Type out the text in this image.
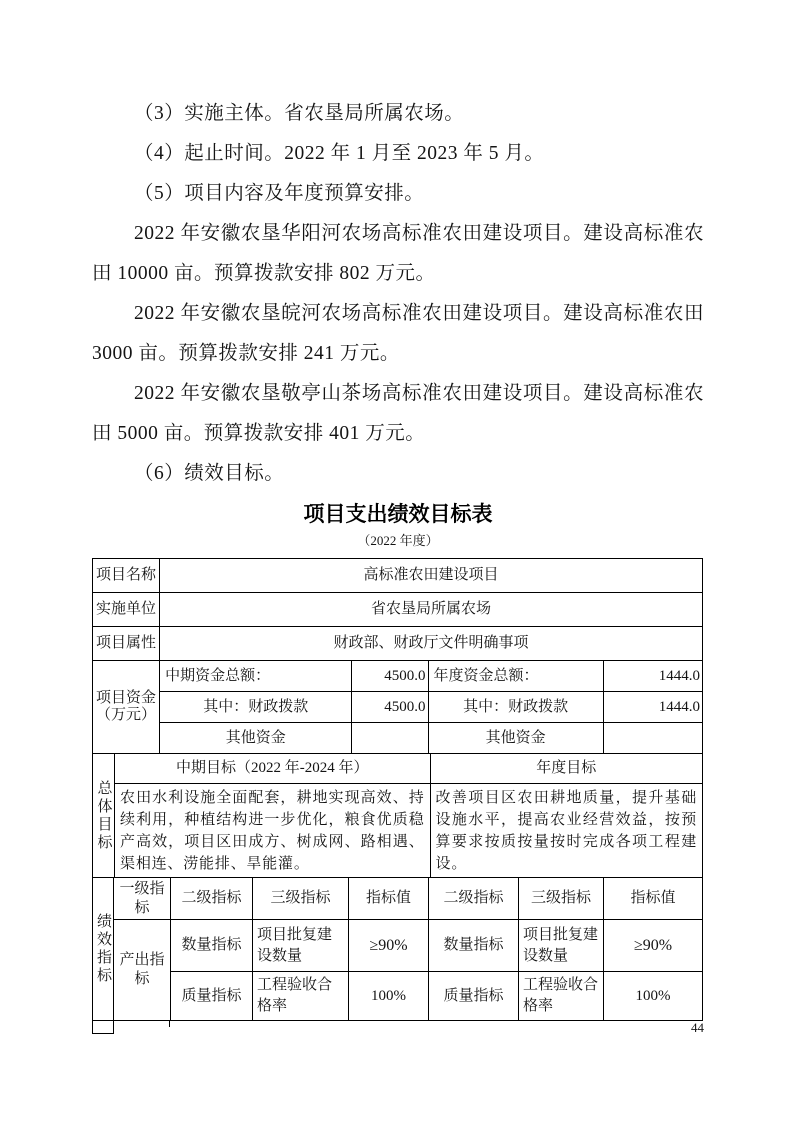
（3）实施主体。省农垦局所属农场。

（4）起止时间。2022 年 1 月至 2023 年 5 月。

（5）项目内容及年度预算安排。

2022 年安徽农垦华阳河农场高标准农田建设项目。建设高标准农田 10000 亩。预算拨款安排 802 万元。

2022 年安徽农垦皖河农场高标准农田建设项目。建设高标准农田 3000 亩。预算拨款安排 241 万元。

2022 年安徽农垦敬亭山茶场高标准农田建设项目。建设高标准农田 5000 亩。预算拨款安排 401 万元。

（6）绩效目标。

项目支出绩效目标表
（2022 年度）
项目名称	高标准农田建设项目
实施单位	省农垦局所属农场
项目属性	财政部、财政厅文件明确事项
项目资金（万元）	中期资金总额：	4500.0	年度资金总额：	1444.0
	其中：财政拨款	4500.0	其中：财政拨款	1444.0
	其他资金		其他资金	
总体目标	中期目标（2022 年-2024 年）	年度目标
	农田水利设施全面配套，耕地实现高效、持续利用，种植结构进一步优化，粮食优质稳产高效，项目区田成方、树成网、路相遇、渠相连、涝能排、旱能灌。	改善项目区农田耕地质量，提升基础设施水平，提高农业经营效益，按预算要求按质按量按时完成各项工程建设。
绩效指标	一级指标	二级指标	三级指标	指标值	二级指标	三级指标	指标值
	产出指标	数量指标	项目批复建设数量	≥90%	数量指标	项目批复建设数量	≥90%
		质量指标	工程验收合格率	100%	质量指标	工程验收合格率	100%
44
